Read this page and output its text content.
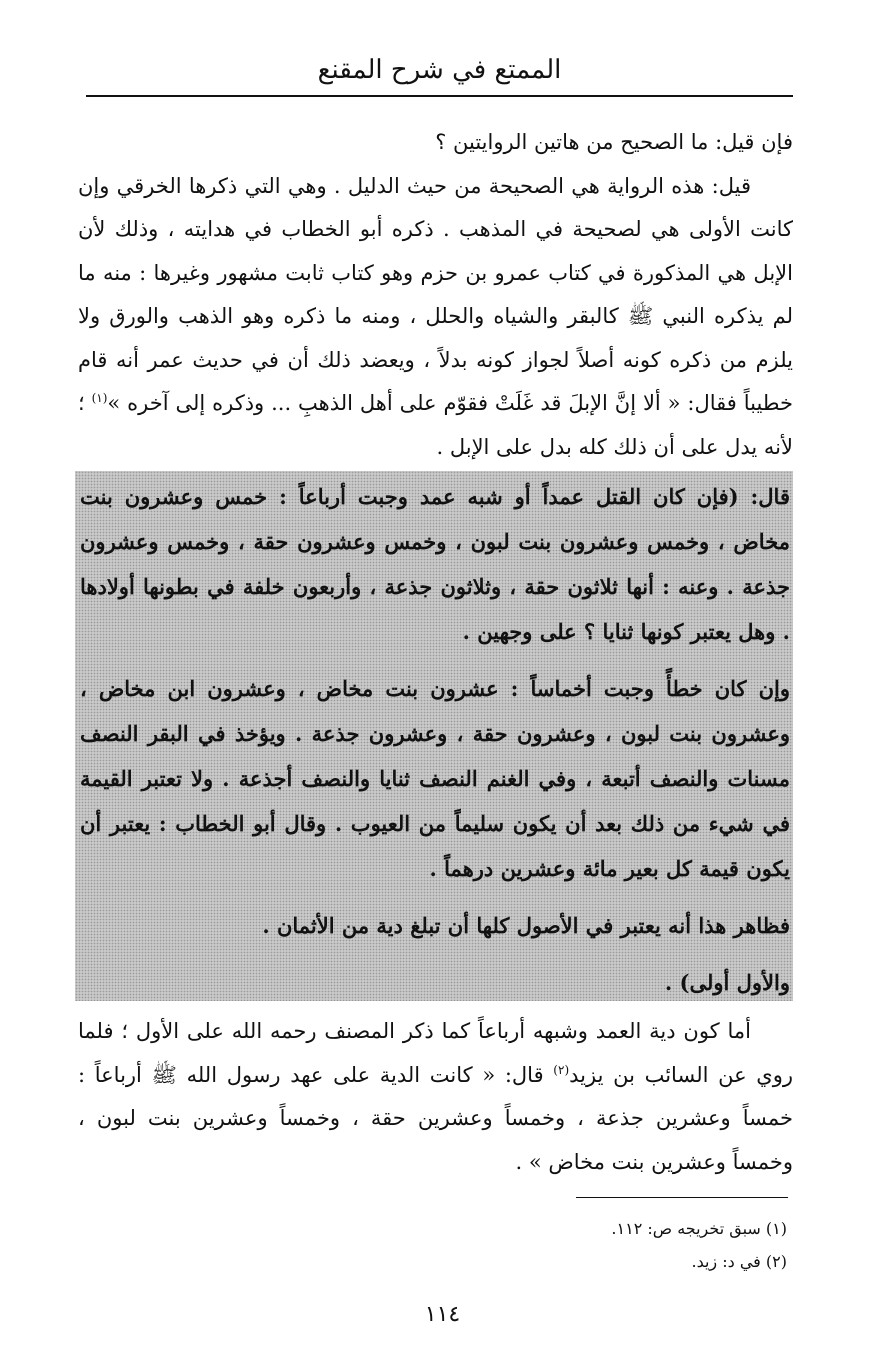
الممتع في شرح المقنع

فإن قيل: ما الصحيح من هاتين الروايتين ؟

قيل: هذه الرواية هي الصحيحة من حيث الدليل . وهي التي ذكرها الخرقي وإن كانت الأولى هي لصحيحة في المذهب . ذكره أبو الخطاب في هدايته ، وذلك لأن الإبل هي المذكورة في كتاب عمرو بن حزم وهو كتاب ثابت مشهور وغيرها : منه ما لم يذكره النبي ﷺ كالبقر والشياه والحلل ، ومنه ما ذكره وهو الذهب والورق ولا يلزم من ذكره كونه أصلاً لجواز كونه بدلاً ، ويعضد ذلك أن في حديث عمر أنه قام خطيباً فقال: « ألا إنَّ الإبلَ قد غَلَتْ فقوّم على أهل الذهبِ ... وذكره إلى آخره »$^{(١)}$ ؛ لأنه يدل على أن ذلك كله بدل على الإبل .

قال: (فإن كان القتل عمداً أو شبه عمد وجبت أرباعاً : خمس وعشرون بنت مخاض ، وخمس وعشرون بنت لبون ، وخمس وعشرون حقة ، وخمس وعشرون جذعة . وعنه : أنها ثلاثون حقة ، وثلاثون جذعة ، وأربعون خلفة في بطونها أولادها . وهل يعتبر كونها ثنايا ؟ على وجهين .

وإن كان خطأً وجبت أخماساً : عشرون بنت مخاض ، وعشرون ابن مخاض ، وعشرون بنت لبون ، وعشرون حقة ، وعشرون جذعة . ويؤخذ في البقر النصف مسنات والنصف أتبعة ، وفي الغنم النصف ثنايا والنصف أجذعة . ولا تعتبر القيمة في شيء من ذلك بعد أن يكون سليماً من العيوب . وقال أبو الخطاب : يعتبر أن يكون قيمة كل بعير مائة وعشرين درهماً .

فظاهر هذا أنه يعتبر في الأصول كلها أن تبلغ دية من الأثمان .

والأول أولى) .

أما كون دية العمد وشبهه أرباعاً كما ذكر المصنف رحمه الله على الأول ؛ فلما روي عن السائب بن يزيد$^{(٢)}$ قال: « كانت الدية على عهد رسول الله ﷺ أرباعاً : خمساً وعشرين جذعة ، وخمساً وعشرين حقة ، وخمساً وعشرين بنت لبون ، وخمساً وعشرين بنت مخاض » .

(١) سبق تخريجه ص: ١١٢.

(٢) في د: زيد.

١١٤
